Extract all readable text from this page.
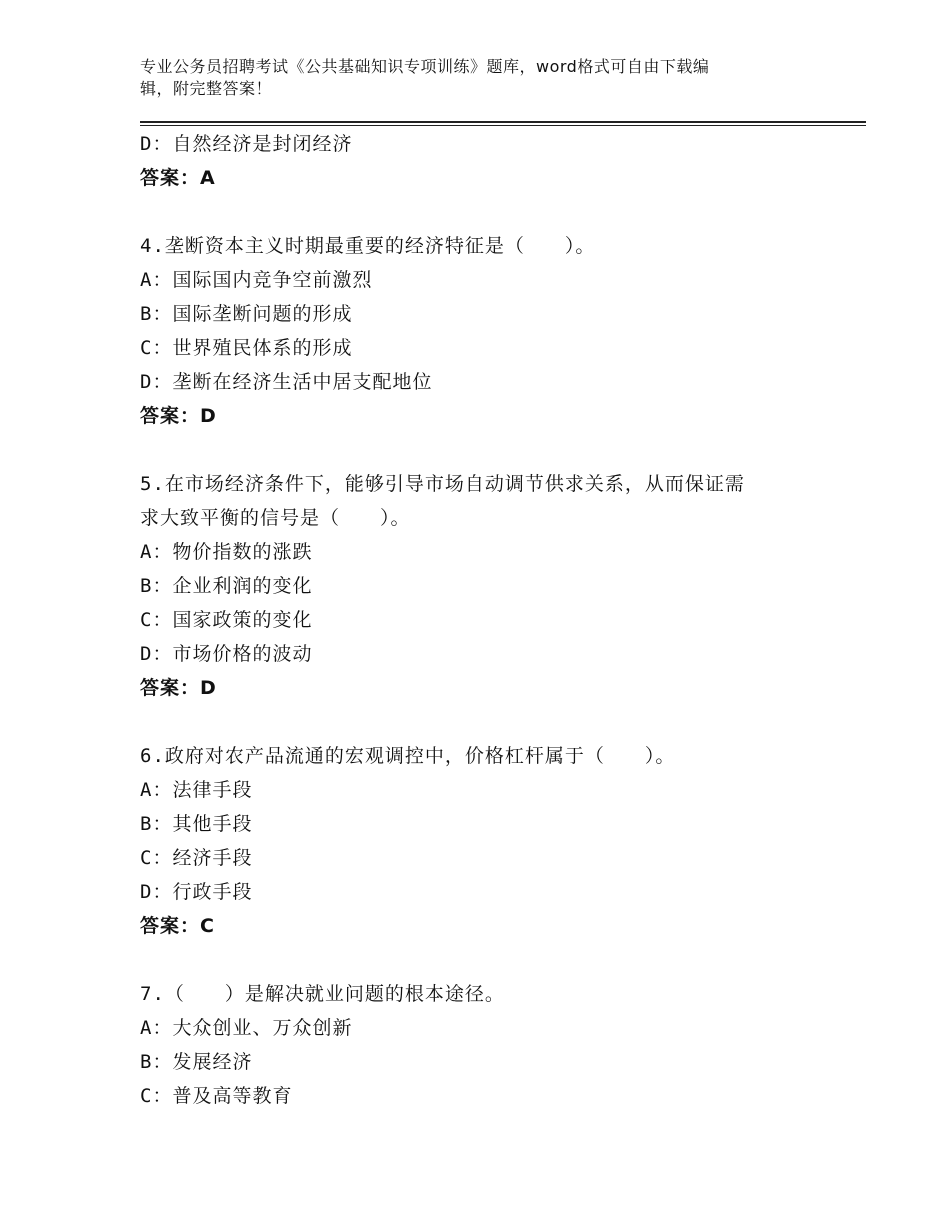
专业公务员招聘考试《公共基础知识专项训练》题库，word格式可自由下载编
辑，附完整答案！
D：自然经济是封闭经济
答案：A
4.垄断资本主义时期最重要的经济特征是（　　）。
A：国际国内竞争空前激烈
B：国际垄断问题的形成
C：世界殖民体系的形成
D：垄断在经济生活中居支配地位
答案：D
5.在市场经济条件下，能够引导市场自动调节供求关系，从而保证需
求大致平衡的信号是（　　）。
A：物价指数的涨跌
B：企业利润的变化
C：国家政策的变化
D：市场价格的波动
答案：D
6.政府对农产品流通的宏观调控中，价格杠杆属于（　　）。
A：法律手段
B：其他手段
C：经济手段
D：行政手段
答案：C
7.（　　）是解决就业问题的根本途径。
A：大众创业、万众创新
B：发展经济
C：普及高等教育
